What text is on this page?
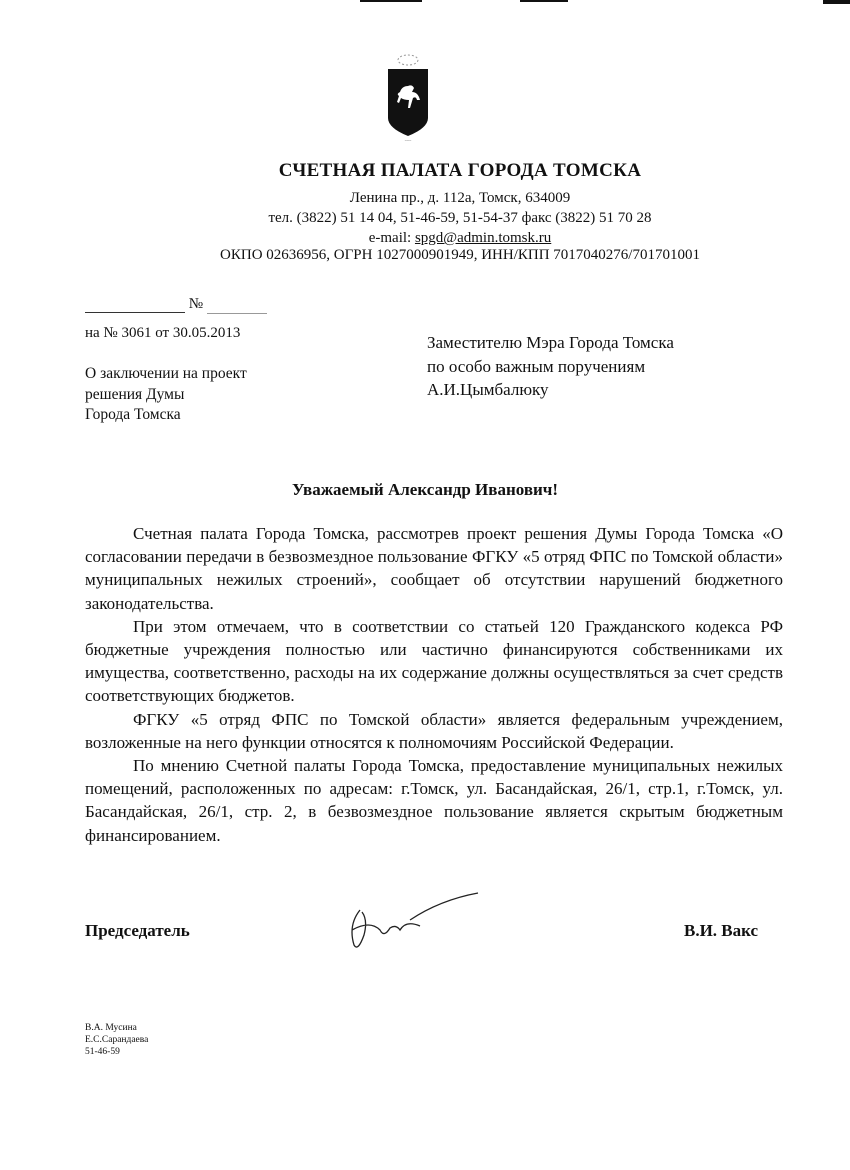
~~~
СЧЕТНАЯ ПАЛАТА ГОРОДА ТОМСКА
Ленина пр., д. 112а, Томск, 634009
тел. (3822) 51 14 04, 51-46-59, 51-54-37 факс (3822) 51 70 28
e-mail: spgd@admin.tomsk.ru
ОКПО 02636956, ОГРН 1027000901949, ИНН/КПП 7017040276/701701001
№
на № 3061 от 30.05.2013
О заключении на проект
решения Думы
Города Томска
Заместителю Мэра Города Томска
по особо важным поручениям
А.И.Цымбалюку
Уважаемый Александр Иванович!

Счетная палата Города Томска, рассмотрев проект решения Думы Города Томска «О согласовании передачи в безвозмездное пользование ФГКУ «5 отряд ФПС по Томской области» муниципальных нежилых строений», сообщает об отсутствии нарушений бюджетного законодательства.

При этом отмечаем, что в соответствии со статьей 120 Гражданского кодекса РФ бюджетные учреждения полностью или частично финансируются собственниками их имущества, соответственно, расходы на их содержание должны осуществляться за счет средств соответствующих бюджетов.

ФГКУ «5 отряд ФПС по Томской области» является федеральным учреждением, возложенные на него функции относятся к полномочиям Российской Федерации.

По мнению Счетной палаты Города Томска, предоставление муниципальных нежилых помещений, расположенных по адресам: г.Томск, ул. Басандайская, 26/1, стр.1, г.Томск, ул. Басандайская, 26/1, стр. 2, в безвозмездное пользование является скрытым бюджетным финансированием.

Председатель	В.И. Вакс
В.А. Мусина
Е.С.Сарандаева
51-46-59
